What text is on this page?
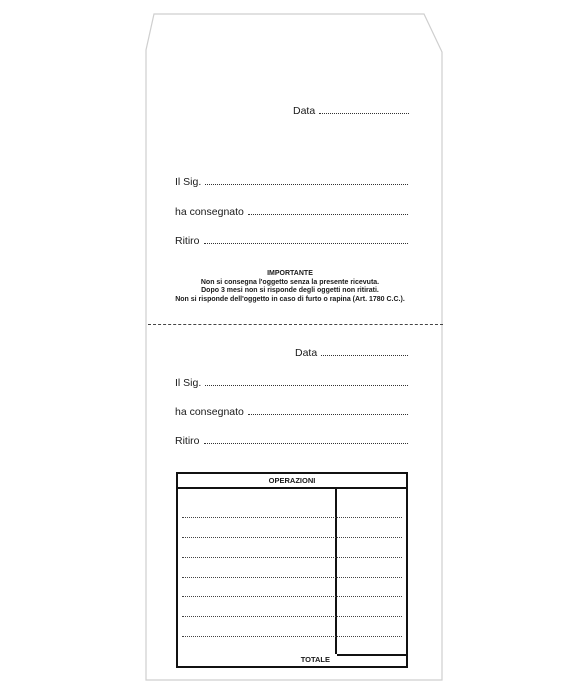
Data
Il Sig.
ha consegnato
Ritiro
IMPORTANTE
Non si consegna l'oggetto senza la presente ricevuta.
Dopo 3 mesi non si risponde degli oggetti non ritirati.
Non si risponde dell'oggetto in caso di furto o rapina (Art. 1780 C.C.).
Data
Il Sig.
ha consegnato
Ritiro
OPERAZIONI
TOTALE
